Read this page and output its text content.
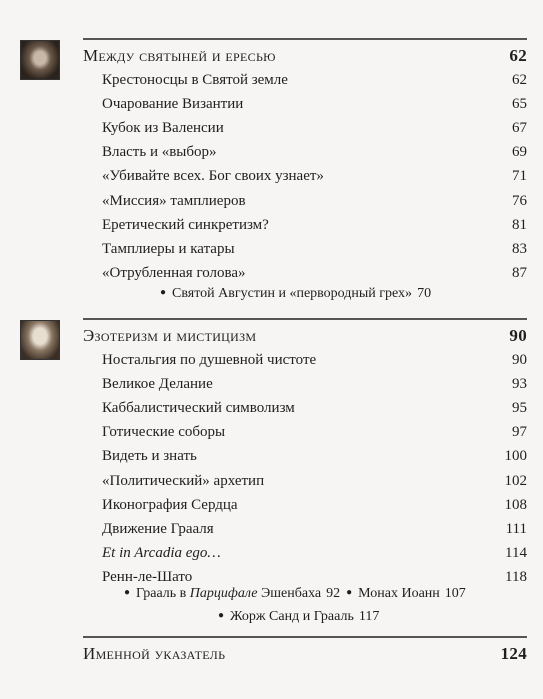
Между святыней и ересью	62
Крестоносцы в Святой земле	62
Очарование Византии	65
Кубок из Валенсии	67
Власть и «выбор»	69
«Убивайте всех. Бог своих узнает»	71
«Миссия» тамплиеров	76
Еретический синкретизм?	81
Тамплиеры и катары	83
«Отрубленная голова»	87
● Святой Августин и «первородный грех» 70
Эзотеризм и мистицизм	90
Ностальгия по душевной чистоте	90
Великое Делание	93
Каббалистический символизм	95
Готические соборы	97
Видеть и знать	100
«Политический» архетип	102
Иконография Сердца	108
Движение Грааля	111
Et in Arcadia ego…	114
Ренн-ле-Шато	118
● Грааль в Парцифале Эшенбаха 92 ● Монах Иоанн 107
● Жорж Санд и Грааль 117
Именной указатель	124
